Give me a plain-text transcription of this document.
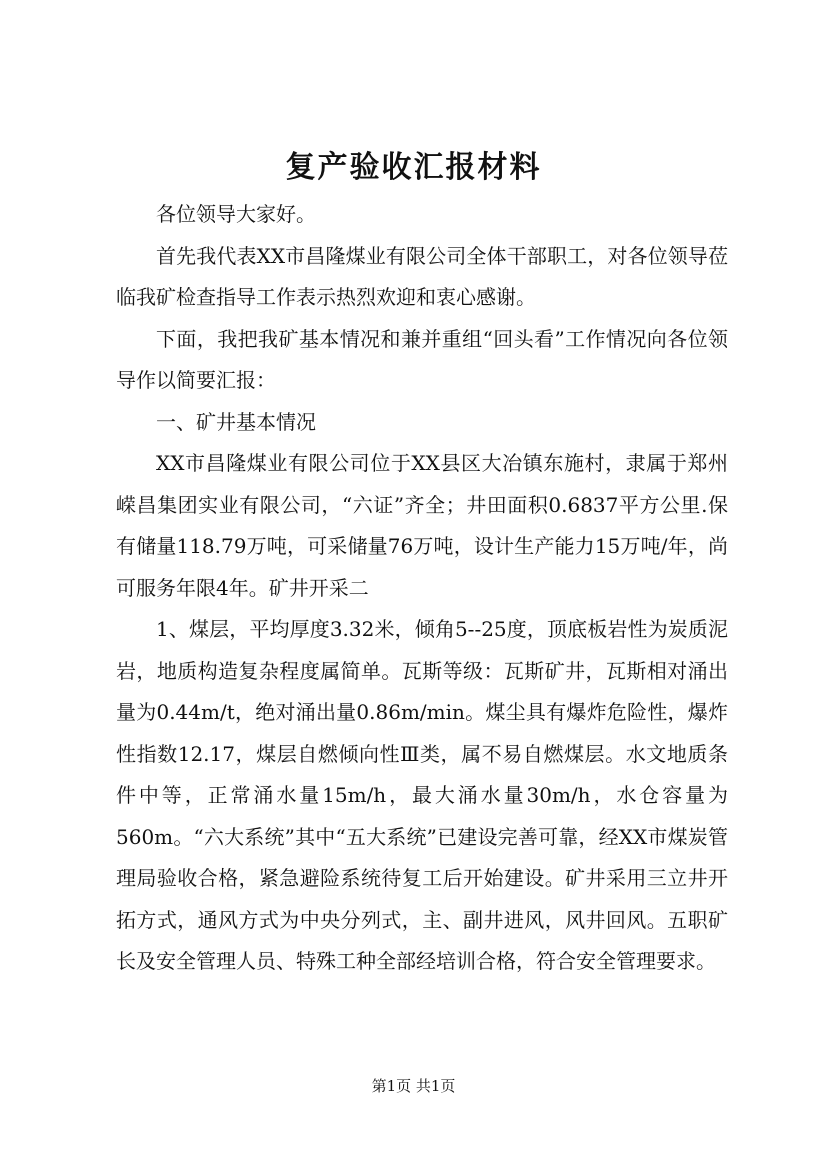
复产验收汇报材料

各位领导大家好。

首先我代表XX市昌隆煤业有限公司全体干部职工，对各位领导莅临我矿检查指导工作表示热烈欢迎和衷心感谢。

下面，我把我矿基本情况和兼并重组“回头看”工作情况向各位领导作以简要汇报：

一、矿井基本情况

XX市昌隆煤业有限公司位于XX县区大冶镇东施村，隶属于郑州嵘昌集团实业有限公司，“六证”齐全；井田面积0.6837平方公里.保有储量118.79万吨，可采储量76万吨，设计生产能力15万吨/年，尚可服务年限4年。矿井开采二

1、煤层，平均厚度3.32米，倾角5--25度，顶底板岩性为炭质泥岩，地质构造复杂程度属简单。瓦斯等级：瓦斯矿井，瓦斯相对涌出量为0.44m/t，绝对涌出量0.86m/min。煤尘具有爆炸危险性，爆炸性指数12.17，煤层自燃倾向性Ⅲ类，属不易自燃煤层。水文地质条件中等，正常涌水量15m/h，最大涌水量30m/h，水仓容量为560m。“六大系统”其中“五大系统”已建设完善可靠，经XX市煤炭管理局验收合格，紧急避险系统待复工后开始建设。矿井采用三立井开拓方式，通风方式为中央分列式，主、副井进风，风井回风。五职矿长及安全管理人员、特殊工种全部经培训合格，符合安全管理要求。

第1页 共1页
